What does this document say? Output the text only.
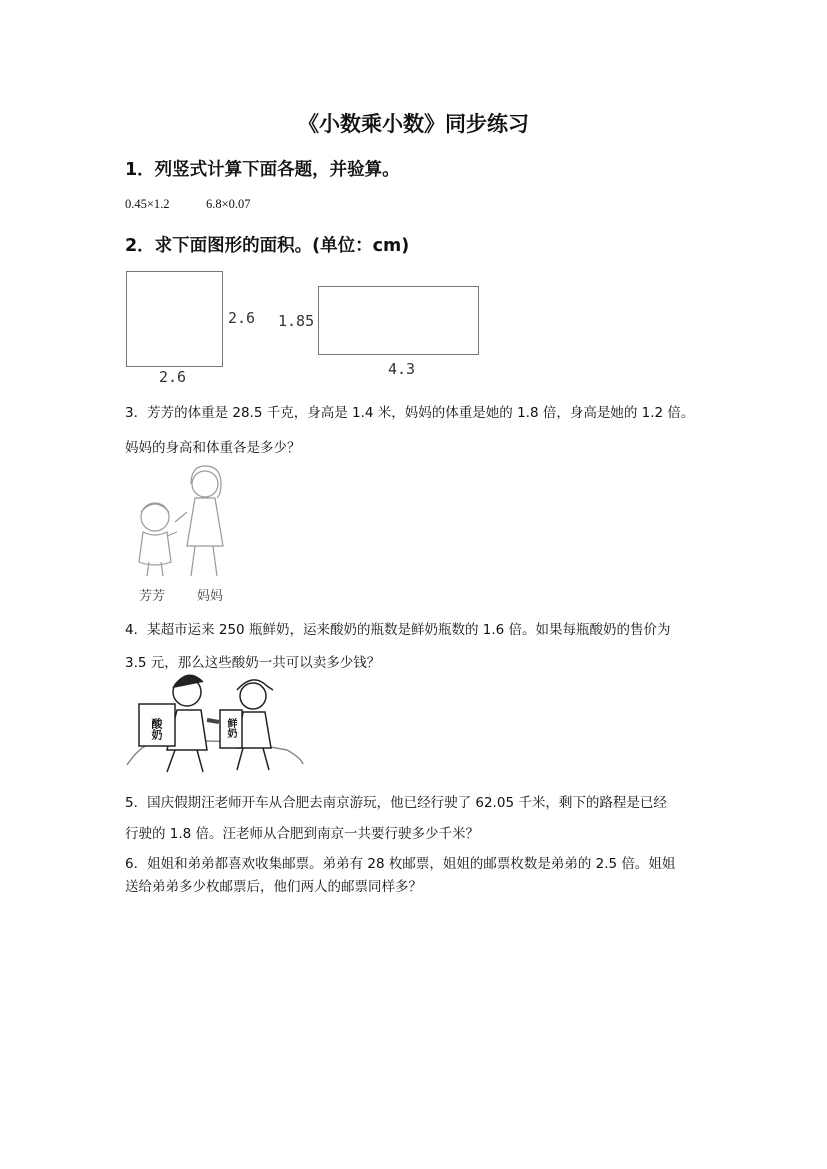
《小数乘小数》同步练习
1．列竖式计算下面各题，并验算。
0.45×1.2	6.8×0.07
2．求下面图形的面积。(单位：cm)
2.6
2.6
1.85
4.3
3．芳芳的体重是 28.5 千克，身高是 1.4 米，妈妈的体重是她的 1.8 倍，身高是她的 1.2 倍。
妈妈的身高和体重各是多少？
芳芳 妈妈
4．某超市运来 250 瓶鲜奶，运来酸奶的瓶数是鲜奶瓶数的 1.6 倍。如果每瓶酸奶的售价为
3.5 元，那么这些酸奶一共可以卖多少钱？
酸奶	鲜奶
5．国庆假期汪老师开车从合肥去南京游玩，他已经行驶了 62.05 千米，剩下的路程是已经
行驶的 1.8 倍。汪老师从合肥到南京一共要行驶多少千米？
6．姐姐和弟弟都喜欢收集邮票。弟弟有 28 枚邮票，姐姐的邮票枚数是弟弟的 2.5 倍。姐姐
送给弟弟多少枚邮票后，他们两人的邮票同样多？
